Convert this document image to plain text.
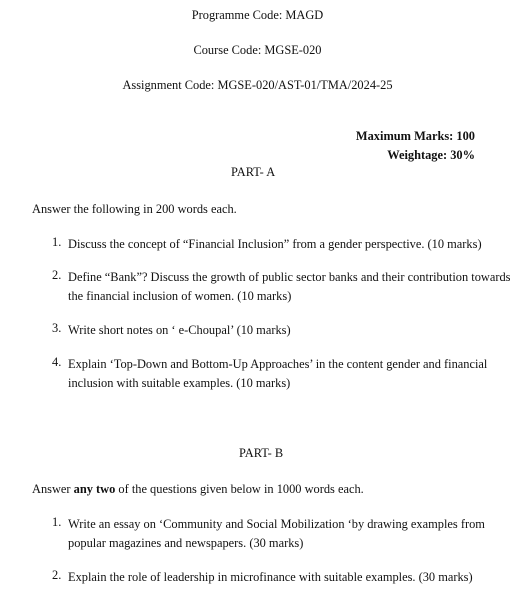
Programme Code: MAGD
Course Code: MGSE-020
Assignment Code: MGSE-020/AST-01/TMA/2024-25
Maximum Marks: 100
Weightage: 30%
PART- A
Answer the following in 200 words each.
1. Discuss the concept of “Financial Inclusion” from a gender perspective. (10 marks)
2. Define “Bank”? Discuss the growth of public sector banks and their contribution towards
the financial inclusion of women. (10 marks)
3. Write short notes on ‘ e-Choupal’ (10 marks)
4. Explain ‘Top-Down and Bottom-Up Approaches’ in the content gender and financial
inclusion with suitable examples. (10 marks)
PART- B
Answer any two of the questions given below in 1000 words each.
1. Write an essay on ‘Community and Social Mobilization ‘by drawing examples from
popular magazines and newspapers. (30 marks)
2. Explain the role of leadership in microfinance with suitable examples. (30 marks)
